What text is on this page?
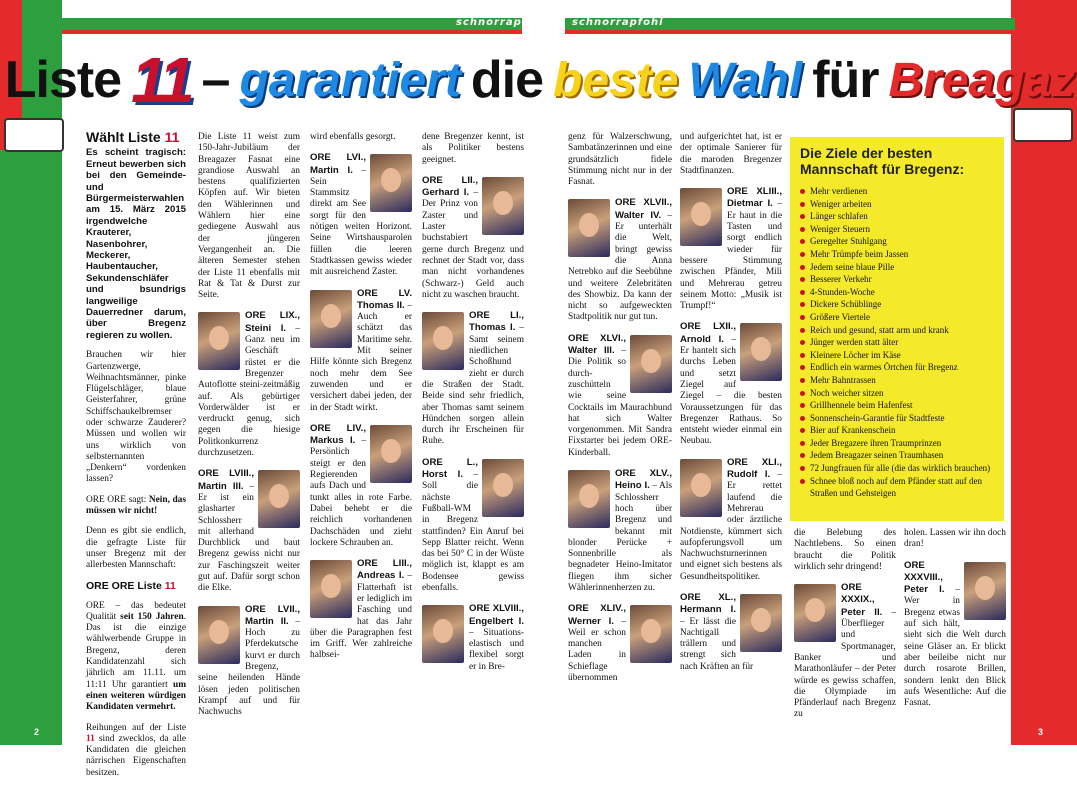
schnorrapfohl schnorrapfohl
Liste 11 – garantiert die beste Wahl für Breagaz
Wählt Liste 11

Es scheint tragisch: Erneut bewerben sich bei den Gemeinde- und Bürgermeisterwahlen am 15. März 2015 irgendwelche Krauterer, Nasenbohrer, Meckerer, Haubentaucher, Sekundenschläfer und bsundrigs langweilige Dauerredner darum, über Bregenz regieren zu wollen.

Brauchen wir hier Gartenzwerge, Weihnachtsmänner, pinke Flügelschläger, blaue Geisterfahrer, grüne Schiffschaukelbremser oder schwarze Zauderer? Müssen und wollen wir uns wirklich von selbsternannten „Denkern“ vordenken lassen?

ORE ORE sagt: Nein, das müssen wir nicht!

Denn es gibt sie endlich, die gefragte Liste für unser Bregenz mit der allerbesten Mannschaft:

ORE ORE Liste 11

ORE – das bedeutet Qualität seit 150 Jahren. Das ist die einzige wählwerbende Gruppe in Bregenz, deren Kandidatenzahl sich jährlich am 11.11. um 11:11 Uhr garantiert um einen weiteren würdigen Kandidaten vermehrt.

Reihungen auf der Liste 11 sind zwecklos, da alle Kandidaten die gleichen närrischen Eigenschaften besitzen.

Die Liste 11 weist zum 150-Jahr-Jubiläum der Breagazer Fasnat eine grandiose Auswahl an bestens qualifizierten Köpfen auf. Wir bieten den Wählerinnen und Wählern hier eine gediegene Auswahl aus der jüngeren Vergangenheit an. Die älteren Semester stehen der Liste 11 ebenfalls mit Rat & Tat & Durst zur Seite.

ORE LIX., Steini I. – Ganz neu im Geschäft rüstet er die Bregenzer Autoflotte steini-zeitmäßig auf. Als gebürtiger Vorderwälder ist er verdruckt genug, sich gegen die hiesige Politkonkurrenz durchzusetzen.

ORE LVIII., Martin III. – Er ist ein glasharter Schlossherr mit allerhand Durchblick und baut Bregenz gewiss nicht nur zur Faschingszeit weiter gut auf. Dafür sorgt schon die Elke.

ORE LVII., Martin II. – Hoch zu Pferdekutsche kurvt er durch Bregenz, seine heilenden Hände lösen jeden politischen Krampf auf und für Nachwuchs

wird ebenfalls gesorgt.

ORE LVI., Martin I. – Sein Stammsitz direkt am See sorgt für den nötigen weiten Horizont. Seine Wirtshausparolen füllen die leeren Stadtkassen gewiss wieder mit ausreichend Zaster.

ORE LV. Thomas II. – Auch er schätzt das Maritime sehr. Mit seiner Hilfe könnte sich Bregenz noch mehr dem See zuwenden und er versichert dabei jeden, der in der Stadt wirkt.

ORE LIV., Markus I. – Persönlich steigt er den Regierenden aufs Dach und tunkt alles in rote Farbe. Dabei behebt er die reichlich vorhandenen Dachschäden und zieht lockere Schrauben an.

ORE LIII., Andreas I. – Flatterhaft ist er lediglich im Fasching und hat das Jahr über die Paragraphen fest im Griff. Wer zahlreiche halbsei-

dene Bregenzer kennt, ist als Politiker bestens geeignet.

ORE LII., Gerhard I. – Der Prinz von Zaster und Laster buchstabiert gerne durch Bregenz und rechnet der Stadt vor, dass man nicht vorhandenes (Schwarz-) Geld auch nicht zu waschen braucht.

ORE LI., Thomas I. – Samt seinem niedlichen Schoßhund zieht er durch die Straßen der Stadt. Beide sind sehr friedlich, aber Thomas samt seinem Hündchen sorgen allein durch ihr Erscheinen für Ruhe.

ORE L., Horst I. – Soll die nächste Fußball-WM in Bregenz stattfinden? Ein Anruf bei Sepp Blatter reicht. Wenn das bei 50° C in der Wüste möglich ist, klappt es am Bodensee gewiss ebenfalls.

ORE XLVIII., Engelbert I. – Situations-elastisch und flexibel sorgt er in Bre-

genz für Walzerschwung, Sambatänzerinnen und eine grundsätzlich fidele Stimmung nicht nur in der Fasnat.

ORE XLVII., Walter IV. – Er unterhält die Welt, bringt gewiss die Anna Netrebko auf die Seebühne und weitere Zelebritäten des Showbiz. Da kann der nicht so aufgeweckten Stadtpolitik nur gut tun.

ORE XLVI., Walter III. – Die Politik so durch-zuschütteln wie seine Cocktails im Maurachbund hat sich Walter vorgenommen. Mit Sandra Fixstarter bei jedem ORE-Kinderball.

ORE XLV., Heino I. – Als Schlossherr hoch über Bregenz und bekannt mit blonder Perücke + Sonnenbrille als begnadeter Heino-Imitator fliegen ihm sicher Wählerinnenherzen zu.

ORE XLIV., Werner I. – Weil er schon manchen Laden in Schieflage übernommen

und aufgerichtet hat, ist er der optimale Sanierer für die maroden Bregenzer Stadtfinanzen.

ORE XLIII., Dietmar I. – Er haut in die Tasten und sorgt endlich wieder für bessere Stimmung zwischen Pfänder, Mili und Mehrerau getreu seinem Motto: „Musik ist Trumpf!“

ORE LXII., Arnold I. – Er hantelt sich durchs Leben und setzt Ziegel auf Ziegel – die besten Voraussetzungen für das Bregenzer Rathaus. So entsteht wieder einmal ein Neubau.

ORE XLI., Rudolf I. – Er rettet laufend die Mehrerau oder ärztliche Notdienste, kümmert sich aufopferungsvoll um Nachwuchsturnerinnen und eignet sich bestens als Gesundheitspolitiker.

ORE XL., Hermann I. – Er lässt die Nachtigall trällern und strengt sich nach Kräften an für

Die Ziele der besten Mannschaft für Bregenz:
Mehr verdienen
Weniger arbeiten
Länger schlafen
Weniger Steuern
Geregelter Stuhlgang
Mehr Trümpfe beim Jassen
Jedem seine blaue Pille
Besserer Verkehr
4-Stunden-Woche
Dickere Schüblinge
Größere Viertele
Reich und gesund, statt arm und krank
Jünger werden statt älter
Kleinere Löcher im Käse
Endlich ein warmes Örtchen für Bregenz
Mehr Bahntrassen
Noch weicher sitzen
Grillhennele beim Hafenfest
Sonnenschein-Garantie für Stadtfeste
Bier auf Krankenschein
Jeder Bregazere ihren Traumprinzen
Jedem Breagazer seinen Traumhasen
72 Jungfrauen für alle (die das wirklich brauchen)
Schnee bloß noch auf dem Pfänder statt auf den Straßen und Gehsteigen

die Belebung des Nachtlebens. So einen braucht die Politik wirklich sehr dringend!

ORE XXXIX., Peter II. – Überflieger und Sportmanager, Banker und Marathonläufer – der Peter würde es gewiss schaffen, die Olympiade im Pfänderlauf nach Bregenz zu

holen. Lassen wir ihn doch dran!

ORE XXXVIII., Peter I. – Wer in Bregenz etwas auf sich hält, sieht sich die Welt durch seine Gläser an. Er blickt aber beileibe nicht nur durch rosarote Brillen, sondern lenkt den Blick aufs Wesentliche: Auf die Fasnat.

2	3
